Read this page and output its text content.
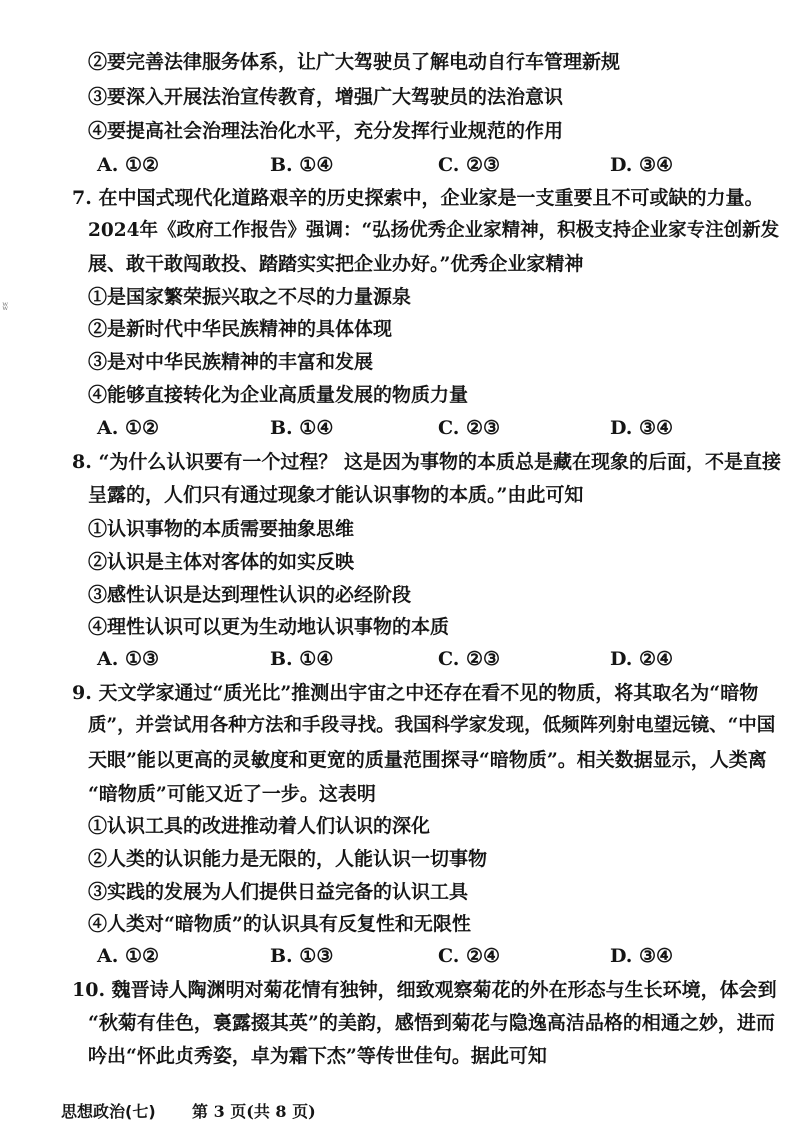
ʬ
②要完善法律服务体系，让广大驾驶员了解电动自行车管理新规
③要深入开展法治宣传教育，增强广大驾驶员的法治意识
④要提高社会治理法治化水平，充分发挥行业规范的作用
A. ①②	B. ①④	C. ②③	D. ③④
7. 在中国式现代化道路艰辛的历史探索中，企业家是一支重要且不可或缺的力量。
2024年《政府工作报告》强调：“弘扬优秀企业家精神，积极支持企业家专注创新发
展、敢干敢闯敢投、踏踏实实把企业办好。”优秀企业家精神
①是国家繁荣振兴取之不尽的力量源泉
②是新时代中华民族精神的具体体现
③是对中华民族精神的丰富和发展
④能够直接转化为企业高质量发展的物质力量
A. ①②	B. ①④	C. ②③	D. ③④
8. “为什么认识要有一个过程？ 这是因为事物的本质总是藏在现象的后面，不是直接
呈露的，人们只有通过现象才能认识事物的本质。”由此可知
①认识事物的本质需要抽象思维
②认识是主体对客体的如实反映
③感性认识是达到理性认识的必经阶段
④理性认识可以更为生动地认识事物的本质
A. ①③	B. ①④	C. ②③	D. ②④
9. 天文学家通过“质光比”推测出宇宙之中还存在看不见的物质，将其取名为“暗物
质”，并尝试用各种方法和手段寻找。我国科学家发现，低频阵列射电望远镜、“中国
天眼”能以更高的灵敏度和更宽的质量范围探寻“暗物质”。相关数据显示，人类离
“暗物质”可能又近了一步。这表明
①认识工具的改进推动着人们认识的深化
②人类的认识能力是无限的，人能认识一切事物
③实践的发展为人们提供日益完备的认识工具
④人类对“暗物质”的认识具有反复性和无限性
A. ①②	B. ①③	C. ②④	D. ③④
10. 魏晋诗人陶渊明对菊花情有独钟，细致观察菊花的外在形态与生长环境，体会到
“秋菊有佳色，裛露掇其英”的美韵，感悟到菊花与隐逸高洁品格的相通之妙，进而
吟出“怀此贞秀姿，卓为霜下杰”等传世佳句。据此可知
思想政治(七) 第 3 页(共 8 页)
